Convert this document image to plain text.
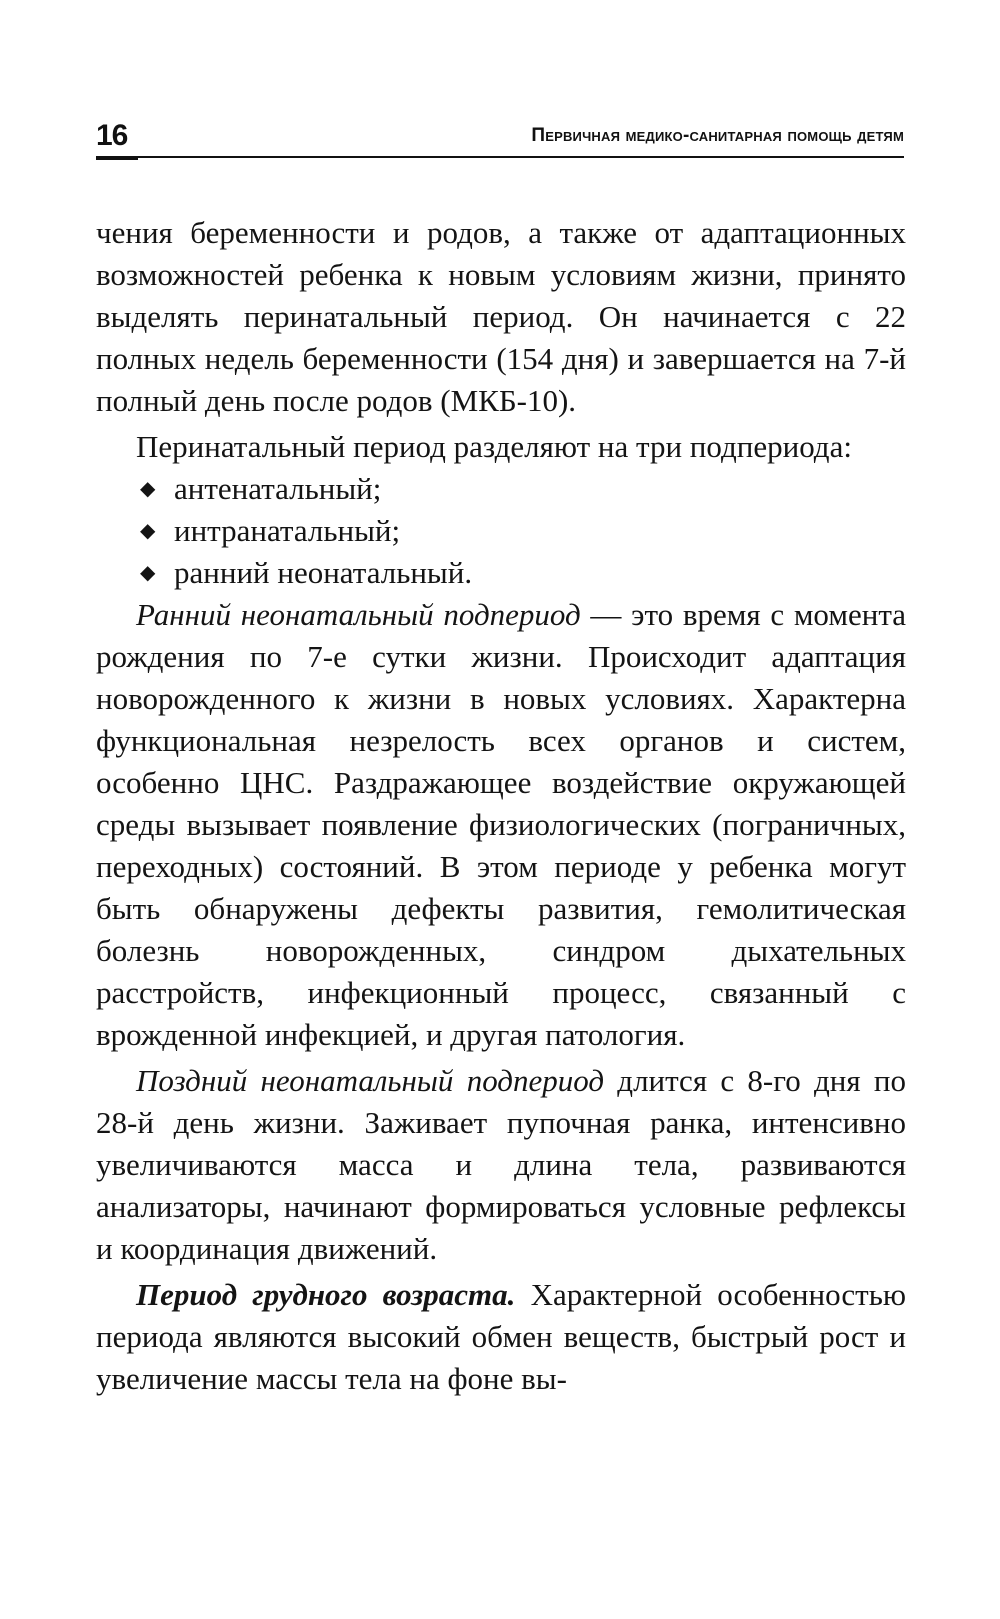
16	Первичная медико-санитарная помощь детям

чения беременности и родов, а также от адаптационных возможностей ребенка к новым условиям жизни, принято выделять перинатальный период. Он начинается с 22 полных недель беременности (154 дня) и завершается на 7-й полный день после родов (МКБ-10).

Перинатальный период разделяют на три подпериода:

◆ антенатальный;
◆ интранатальный;
◆ ранний неонатальный.

Ранний неонатальный подпериод — это время с момента рождения по 7-е сутки жизни. Происходит адаптация новорожденного к жизни в новых условиях. Характерна функциональная незрелость всех органов и систем, особенно ЦНС. Раздражающее воздействие окружающей среды вызывает появление физиологических (пограничных, переходных) состояний. В этом периоде у ребенка могут быть обнаружены дефекты развития, гемолитическая болезнь новорожденных, синдром дыхательных расстройств, инфекционный процесс, связанный с врожденной инфекцией, и другая патология.

Поздний неонатальный подпериод длится с 8-го дня по 28-й день жизни. Заживает пупочная ранка, интенсивно увеличиваются масса и длина тела, развиваются анализаторы, начинают формироваться условные рефлексы и координация движений.

Период грудного возраста. Характерной особенностью периода являются высокий обмен веществ, быстрый рост и увеличение массы тела на фоне вы-
